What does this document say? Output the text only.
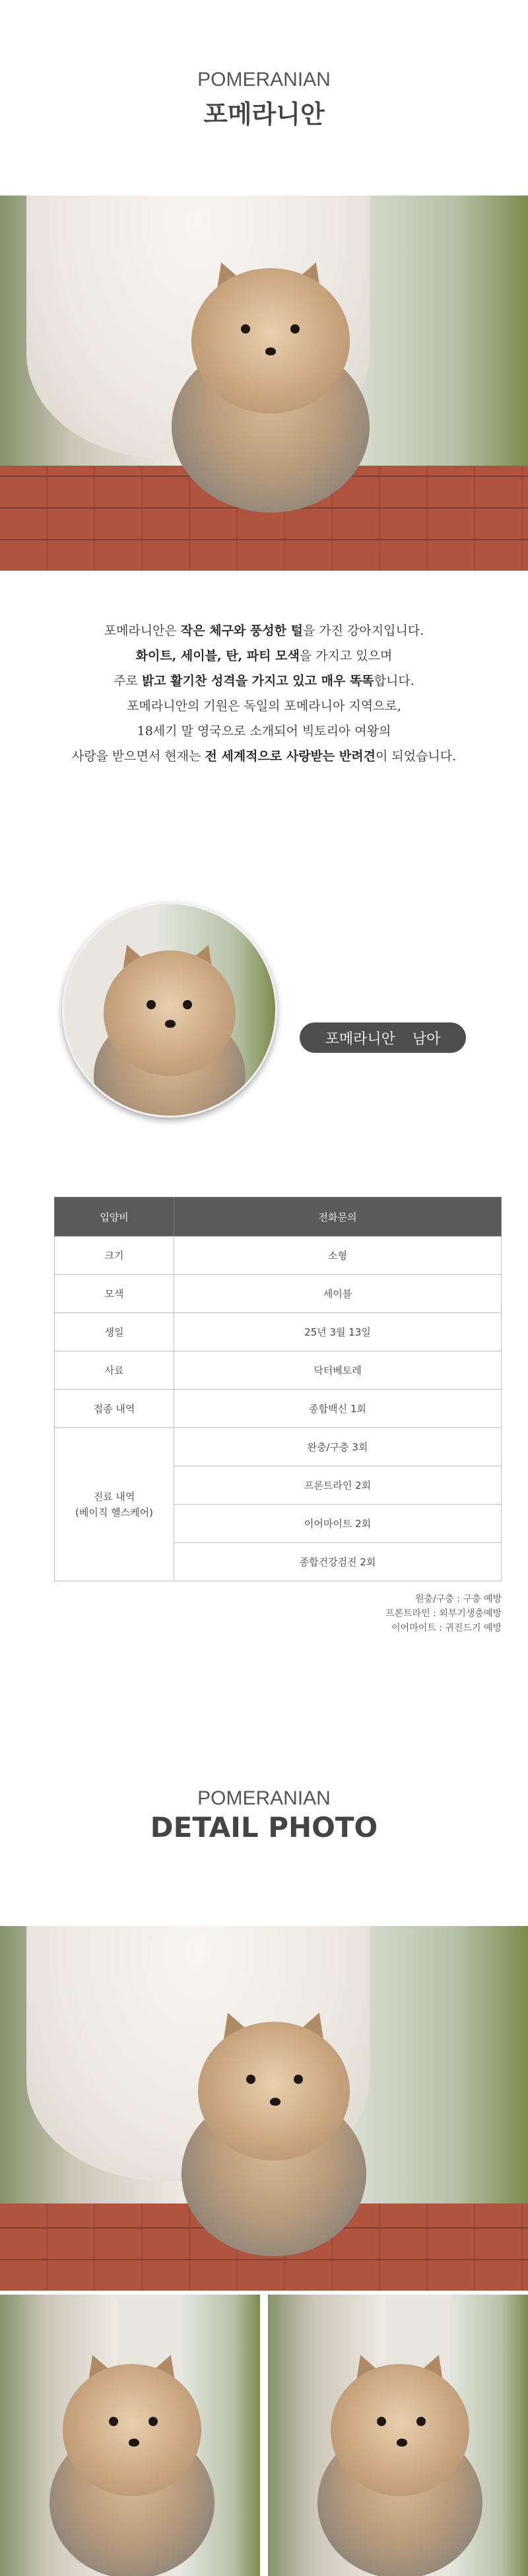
POMERANIAN
포메라니안

포메라니안은 작은 체구와 풍성한 털을 가진 강아지입니다.

화이트, 세이블, 탄, 파티 모색을 가지고 있으며

주로 밝고 활기찬 성격을 가지고 있고 매우 똑똑합니다.

포메라니안의 기원은 독일의 포메라니아 지역으로,

18세기 말 영국으로 소개되어 빅토리아 여왕의

사랑을 받으면서 현재는 전 세계적으로 사랑받는 반려견이 되었습니다.

포메라니안 남아
입양비	전화문의
크기	소형
모색	세이블
생일	25년 3월 13일
사료	닥터베토레
접종 내역	종합백신 1회

진료 내역
(베이직 헬스케어)	완충/구충 3회
	프론트라인 2회
	이어마이트 2회
	종합건강검진 2회
원충/구충 : 구충 예방
프론트라인 : 외부기생충예방
이어마이트 : 귀진드기 예방
POMERANIAN
DETAIL PHOTO
